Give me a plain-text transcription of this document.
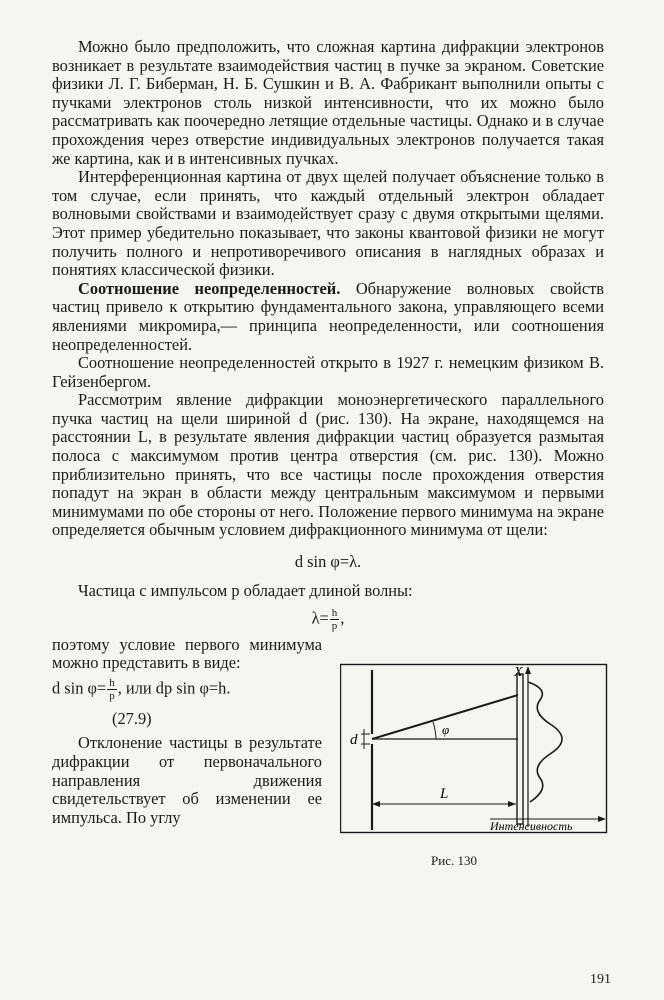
Можно было предположить, что сложная картина дифракции электронов возникает в результате взаимодействия частиц в пучке за экраном. Советские физики Л. Г. Биберман, Н. Б. Сушкин и В. А. Фабрикант выполнили опыты с пучками электронов столь низкой интенсивности, что их можно было рассматривать как поочередно летящие отдельные частицы. Однако и в случае прохождения через отверстие индивидуальных электронов получается такая же картина, как и в интенсивных пучках.

Интерференционная картина от двух щелей получает объяснение только в том случае, если принять, что каждый отдельный электрон обладает волновыми свойствами и взаимодействует сразу с двумя открытыми щелями. Этот пример убедительно показывает, что законы квантовой физики не могут получить полного и непротиворечивого описания в наглядных образах и понятиях классической физики.

Соотношение неопределенностей. Обнаружение волновых свойств частиц привело к открытию фундаментального закона, управляющего всеми явлениями микромира,— принципа неопределенности, или соотношения неопределенностей.

Соотношение неопределенностей открыто в 1927 г. немецким физиком В. Гейзенбергом.

Рассмотрим явление дифракции моноэнергетического параллельного пучка частиц на щели шириной d (рис. 130). На экране, находящемся на расстоянии L, в результате явления дифракции частиц образуется размытая полоса с максимумом против центра отверстия (см. рис. 130). Можно приблизительно принять, что все частицы после прохождения отверстия попадут на экран в области между центральным максимумом и первыми минимумами по обе стороны от него. Положение первого минимума на экране определяется обычным условием дифракционного минимума от щели:

d sin φ=λ.

Частица с импульсом p обладает длиной волны:

$\lambda= \frac{h}{p}$ ,

поэтому условие первого минимума можно представить в виде:

d $\sin \varphi= \frac{h}{p}$ , или dp sin φ=h.

(27.9)

Отклонение частицы в результате дифракции от первоначального направления движения свидетельствует об изменении ее импульса. По углу

d
φ
X
L
Интенсивность
Рис. 130
191
